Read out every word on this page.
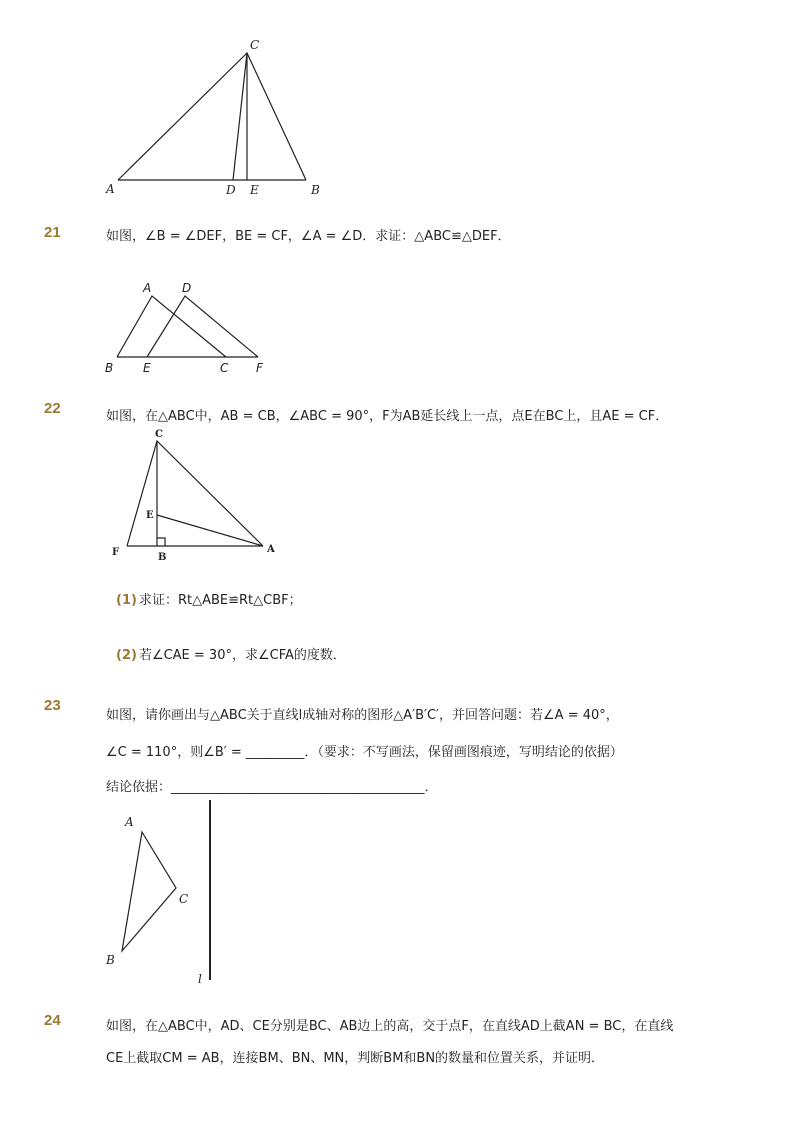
C
A	D E	B
21	如图，∠B = ∠DEF，BE = CF，∠A = ∠D．求证：△ABC≌△DEF．
A	D
B E	C F
22	如图，在△ABC中，AB = CB，∠ABC = 90°，F为AB延长线上一点，点E在BC上，且AE = CF．
C
E
F	B
A
(1) 求证：Rt△ABE≌Rt△CBF；
(2) 若∠CAE = 30°，求∠CFA的度数．
23
如图，请你画出与△ABC关于直线l成轴对称的图形△A′B′C′，并回答问题：若∠A = 40°，
∠C = 110°，则∠B′ = _________．（要求：不写画法，保留画图痕迹，写明结论的依据）
结论依据：_______________________________________．
A
C
B
l
24	如图，在△ABC中，AD、CE分别是BC、AB边上的高，交于点F，在直线AD上截AN = BC，在直线
CE上截取CM = AB，连接BM、BN、MN，判断BM和BN的数量和位置关系，并证明．
